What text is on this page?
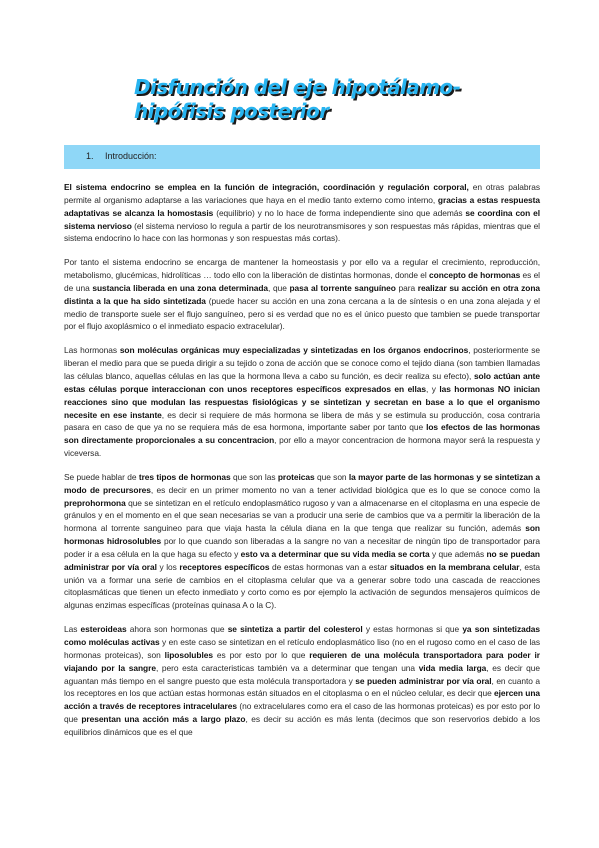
Disfunción del eje hipotálamo-
hipófisis posterior
1. Introducción:

El sistema endocrino se emplea en la función de integración, coordinación y regulación corporal, en otras palabras permite al organismo adaptarse a las variaciones que haya en el medio tanto externo como interno, gracias a estas respuesta adaptativas se alcanza la homostasis (equilibrio) y no lo hace de forma independiente sino que además se coordina con el sistema nervioso (el sistema nervioso lo regula a partir de los neurotransmisores y son respuestas más rápidas, mientras que el sistema endocrino lo hace con las hormonas y son respuestas más cortas).

Por tanto el sistema endocrino se encarga de mantener la homeostasis y por ello va a regular el crecimiento, reproducción, metabolismo, glucémicas, hidrolíticas … todo ello con la liberación de distintas hormonas, donde el concepto de hormonas es el de una sustancia liberada en una zona determinada, que pasa al torrente sanguíneo para realizar su acción en otra zona distinta a la que ha sido sintetizada (puede hacer su acción en una zona cercana a la de síntesis o en una zona alejada y el medio de transporte suele ser el flujo sanguíneo, pero si es verdad que no es el único puesto que tambien se puede transportar por el flujo axoplásmico o el inmediato espacio extracelular).

Las hormonas son moléculas orgánicas muy especializadas y sintetizadas en los órganos endocrinos, posteriormente se liberan el medio para que se pueda dirigir a su tejido o zona de acción que se conoce como el tejido diana (son tambien llamadas las células blanco, aquellas células en las que la hormona lleva a cabo su función, es decir realiza su efecto), solo actúan ante estas células porque interaccionan con unos receptores específicos expresados en ellas, y las hormonas NO inician reacciones sino que modulan las respuestas fisiológicas y se sintetizan y secretan en base a lo que el organismo necesite en ese instante, es decir si requiere de más hormona se libera de más y se estimula su producción, cosa contraria pasara en caso de que ya no se requiera más de esa hormona, importante saber por tanto que los efectos de las hormonas son directamente proporcionales a su concentracion, por ello a mayor concentracion de hormona mayor será la respuesta y viceversa.

Se puede hablar de tres tipos de hormonas que son las proteicas que son la mayor parte de las hormonas y se sintetizan a modo de precursores, es decir en un primer momento no van a tener actividad biológica que es lo que se conoce como la preprohormona que se sintetizan en el retículo endoplasmático rugoso y van a almacenarse en el citoplasma en una especie de gránulos y en el momento en el que sean necesarias se van a producir una serie de cambios que va a permitir la liberación de la hormona al torrente sanguineo para que viaja hasta la célula diana en la que tenga que realizar su función, además son hormonas hidrosolubles por lo que cuando son liberadas a la sangre no van a necesitar de ningún tipo de transportador para poder ir a esa célula en la que haga su efecto y esto va a determinar que su vida media se corta y que además no se puedan administrar por vía oral y los receptores específicos de estas hormonas van a estar situados en la membrana celular, esta unión va a formar una serie de cambios en el citoplasma celular que va a generar sobre todo una cascada de reacciones citoplasmáticas que tienen un efecto inmediato y corto como es por ejemplo la activación de segundos mensajeros químicos de algunas enzimas específicas (proteínas quinasa A o la C).

Las esteroideas ahora son hormonas que se sintetiza a partir del colesterol y estas hormonas si que ya son sintetizadas como moléculas activas y en este caso se sintetizan en el retículo endoplasmático liso (no en el rugoso como en el caso de las hormonas proteicas), son liposolubles es por esto por lo que requieren de una molécula transportadora para poder ir viajando por la sangre, pero esta caracteristicas también va a determinar que tengan una vida media larga, es decir que aguantan más tiempo en el sangre puesto que esta molécula transportadora y se pueden administrar por vía oral, en cuanto a los receptores en los que actúan estas hormonas están situados en el citoplasma o en el núcleo celular, es decir que ejercen una acción a través de receptores intracelulares (no extracelulares como era el caso de las hormonas proteicas) es por esto por lo que presentan una acción más a largo plazo, es decir su acción es más lenta (decimos que son reservorios debido a los equilibrios dinámicos que es el que
